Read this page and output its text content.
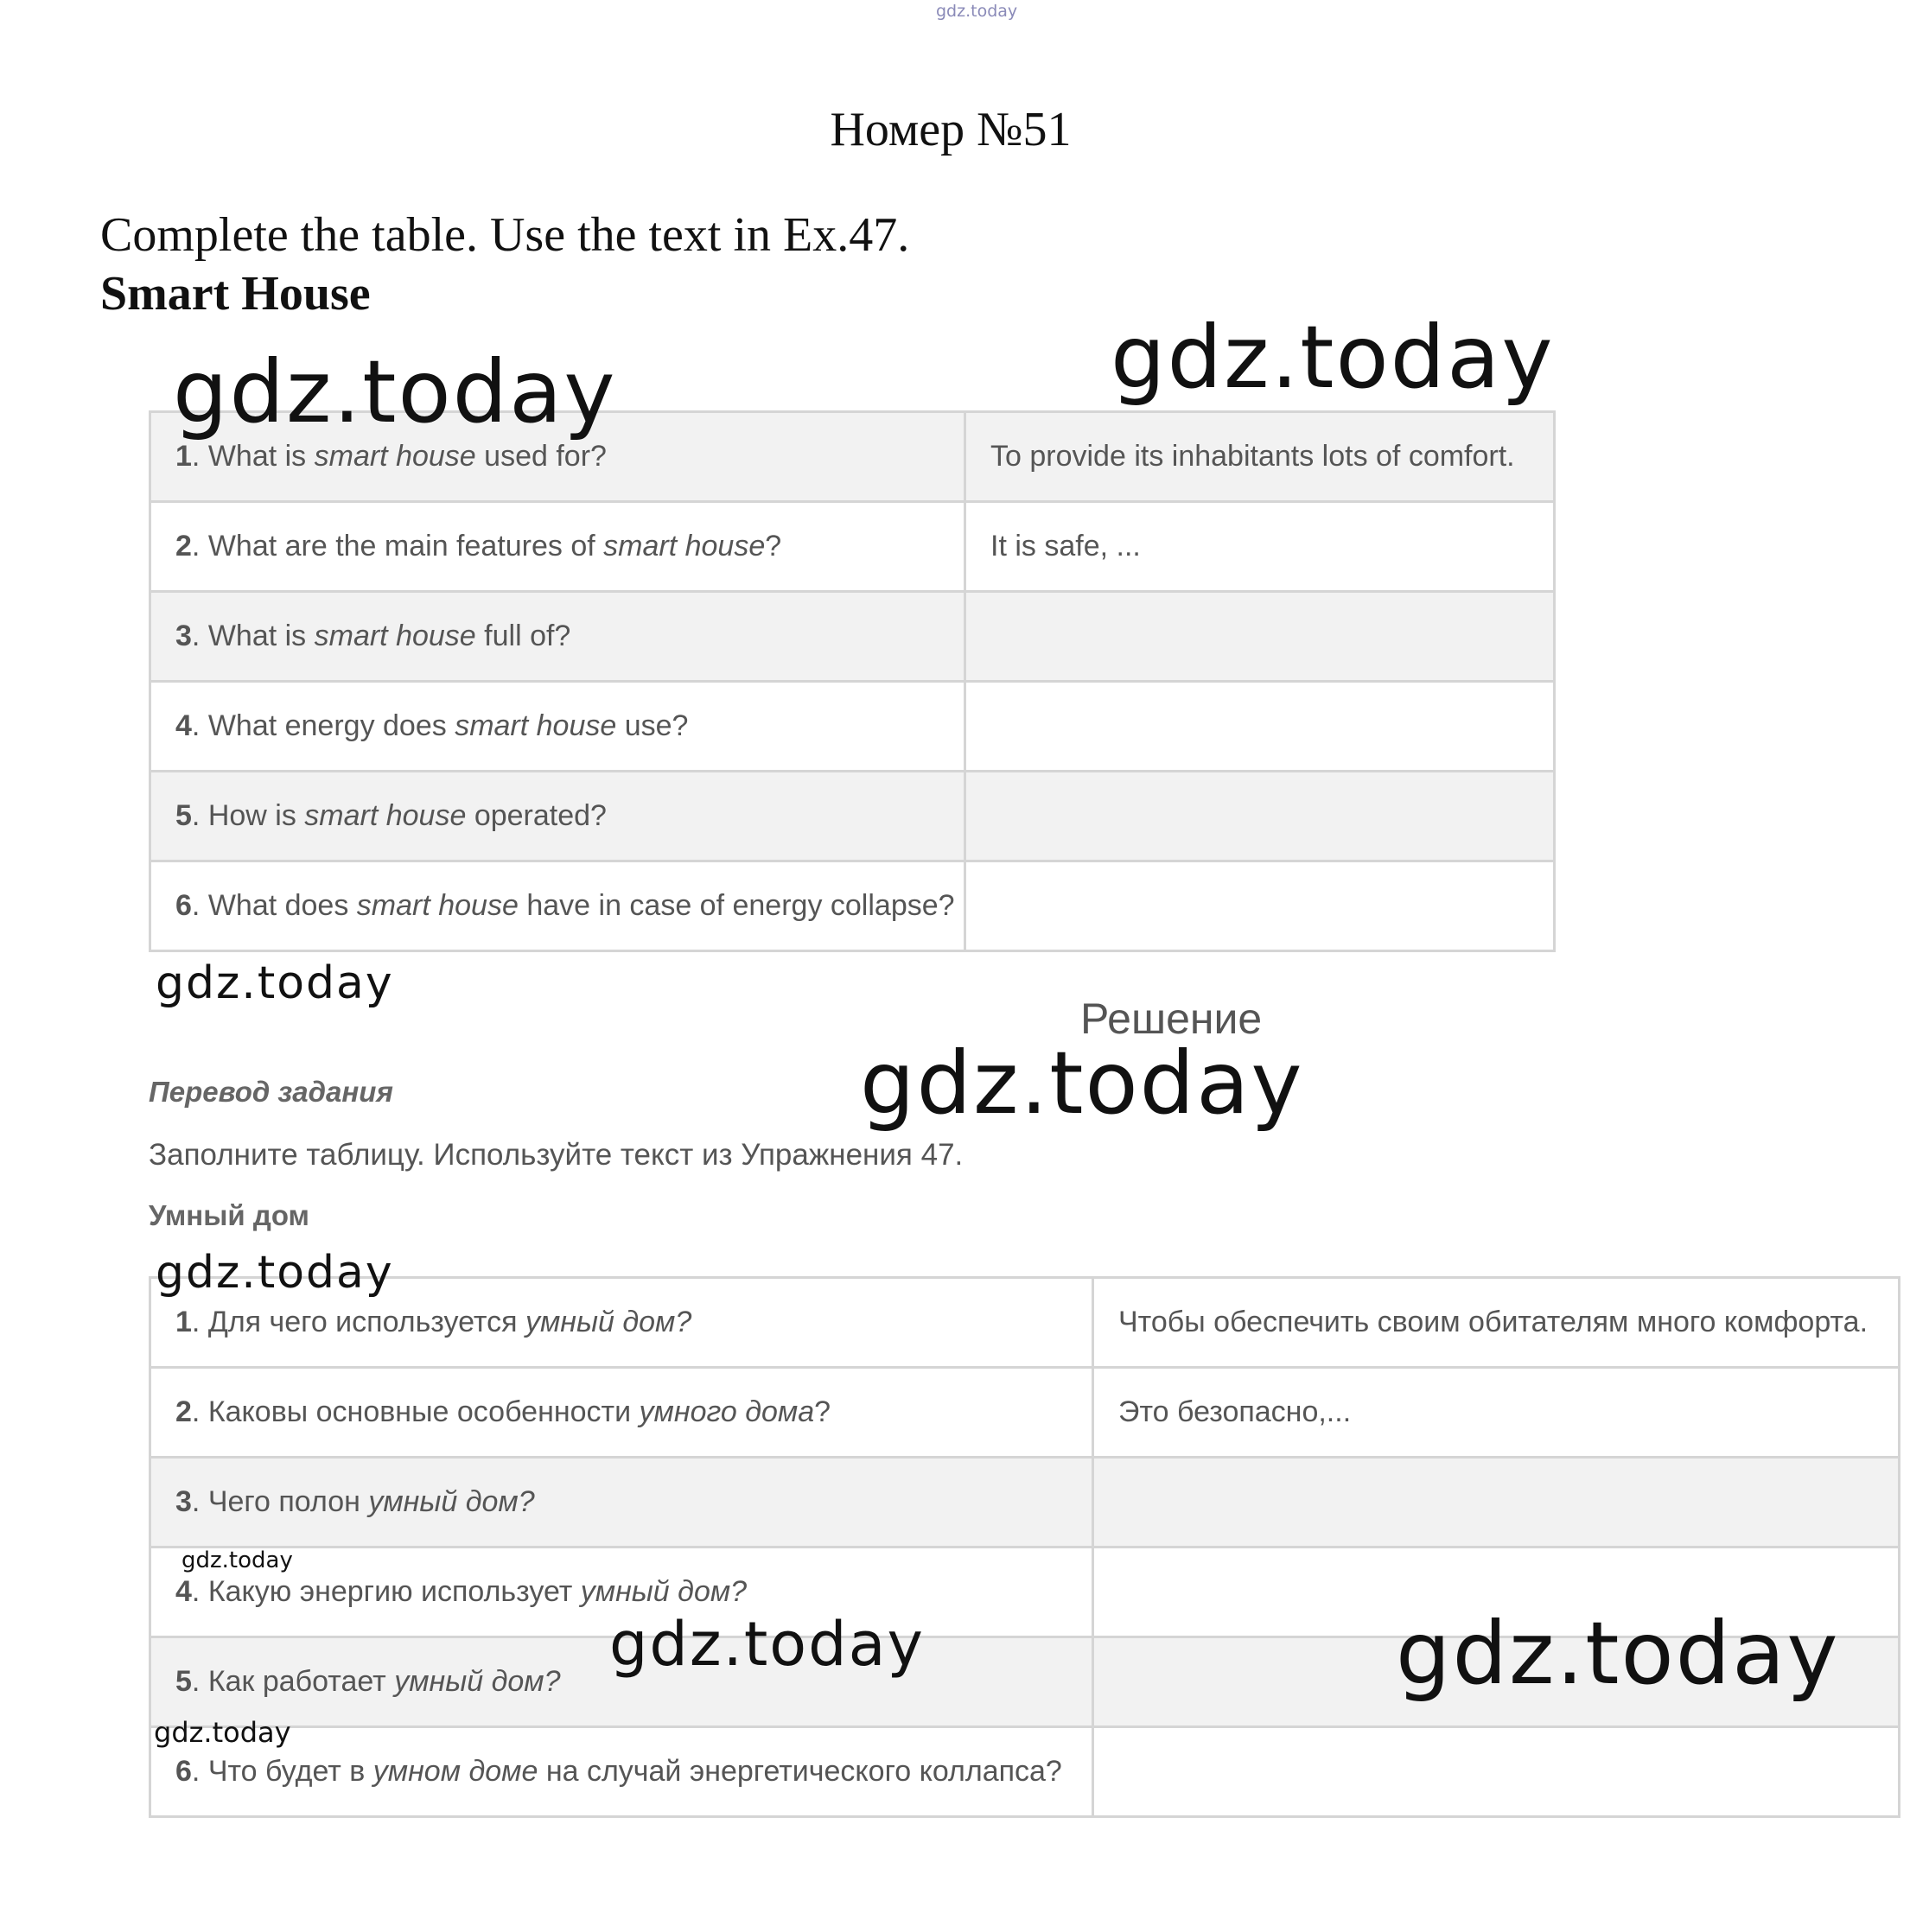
gdz.today
Номер №51
Complete the table. Use the text in Ex.47.
Smart House
1. What is smart house used for?	To provide its inhabitants lots of comfort.
2. What are the main features of smart house?	It is safe, ...
3. What is smart house full of?	
4. What energy does smart house use?	
5. How is smart house operated?	
6. What does smart house have in case of energy collapse?	
Решение
Перевод задания
Заполните таблицу. Используйте текст из Упражнения 47.
Умный дом
1. Для чего используется умный дом?	Чтобы обеспечить своим обитателям много комфорта.
2. Каковы основные особенности умного дома?	Это безопасно,...
3. Чего полон умный дом?	
4. Какую энергию использует умный дом?	
5. Как работает умный дом?	
6. Что будет в умном доме на случай энергетического коллапса?	
gdz.today	gdz.today
gdz.today
gdz.today
gdz.today
gdz.today
gdz.today	gdz.today
gdz.today
